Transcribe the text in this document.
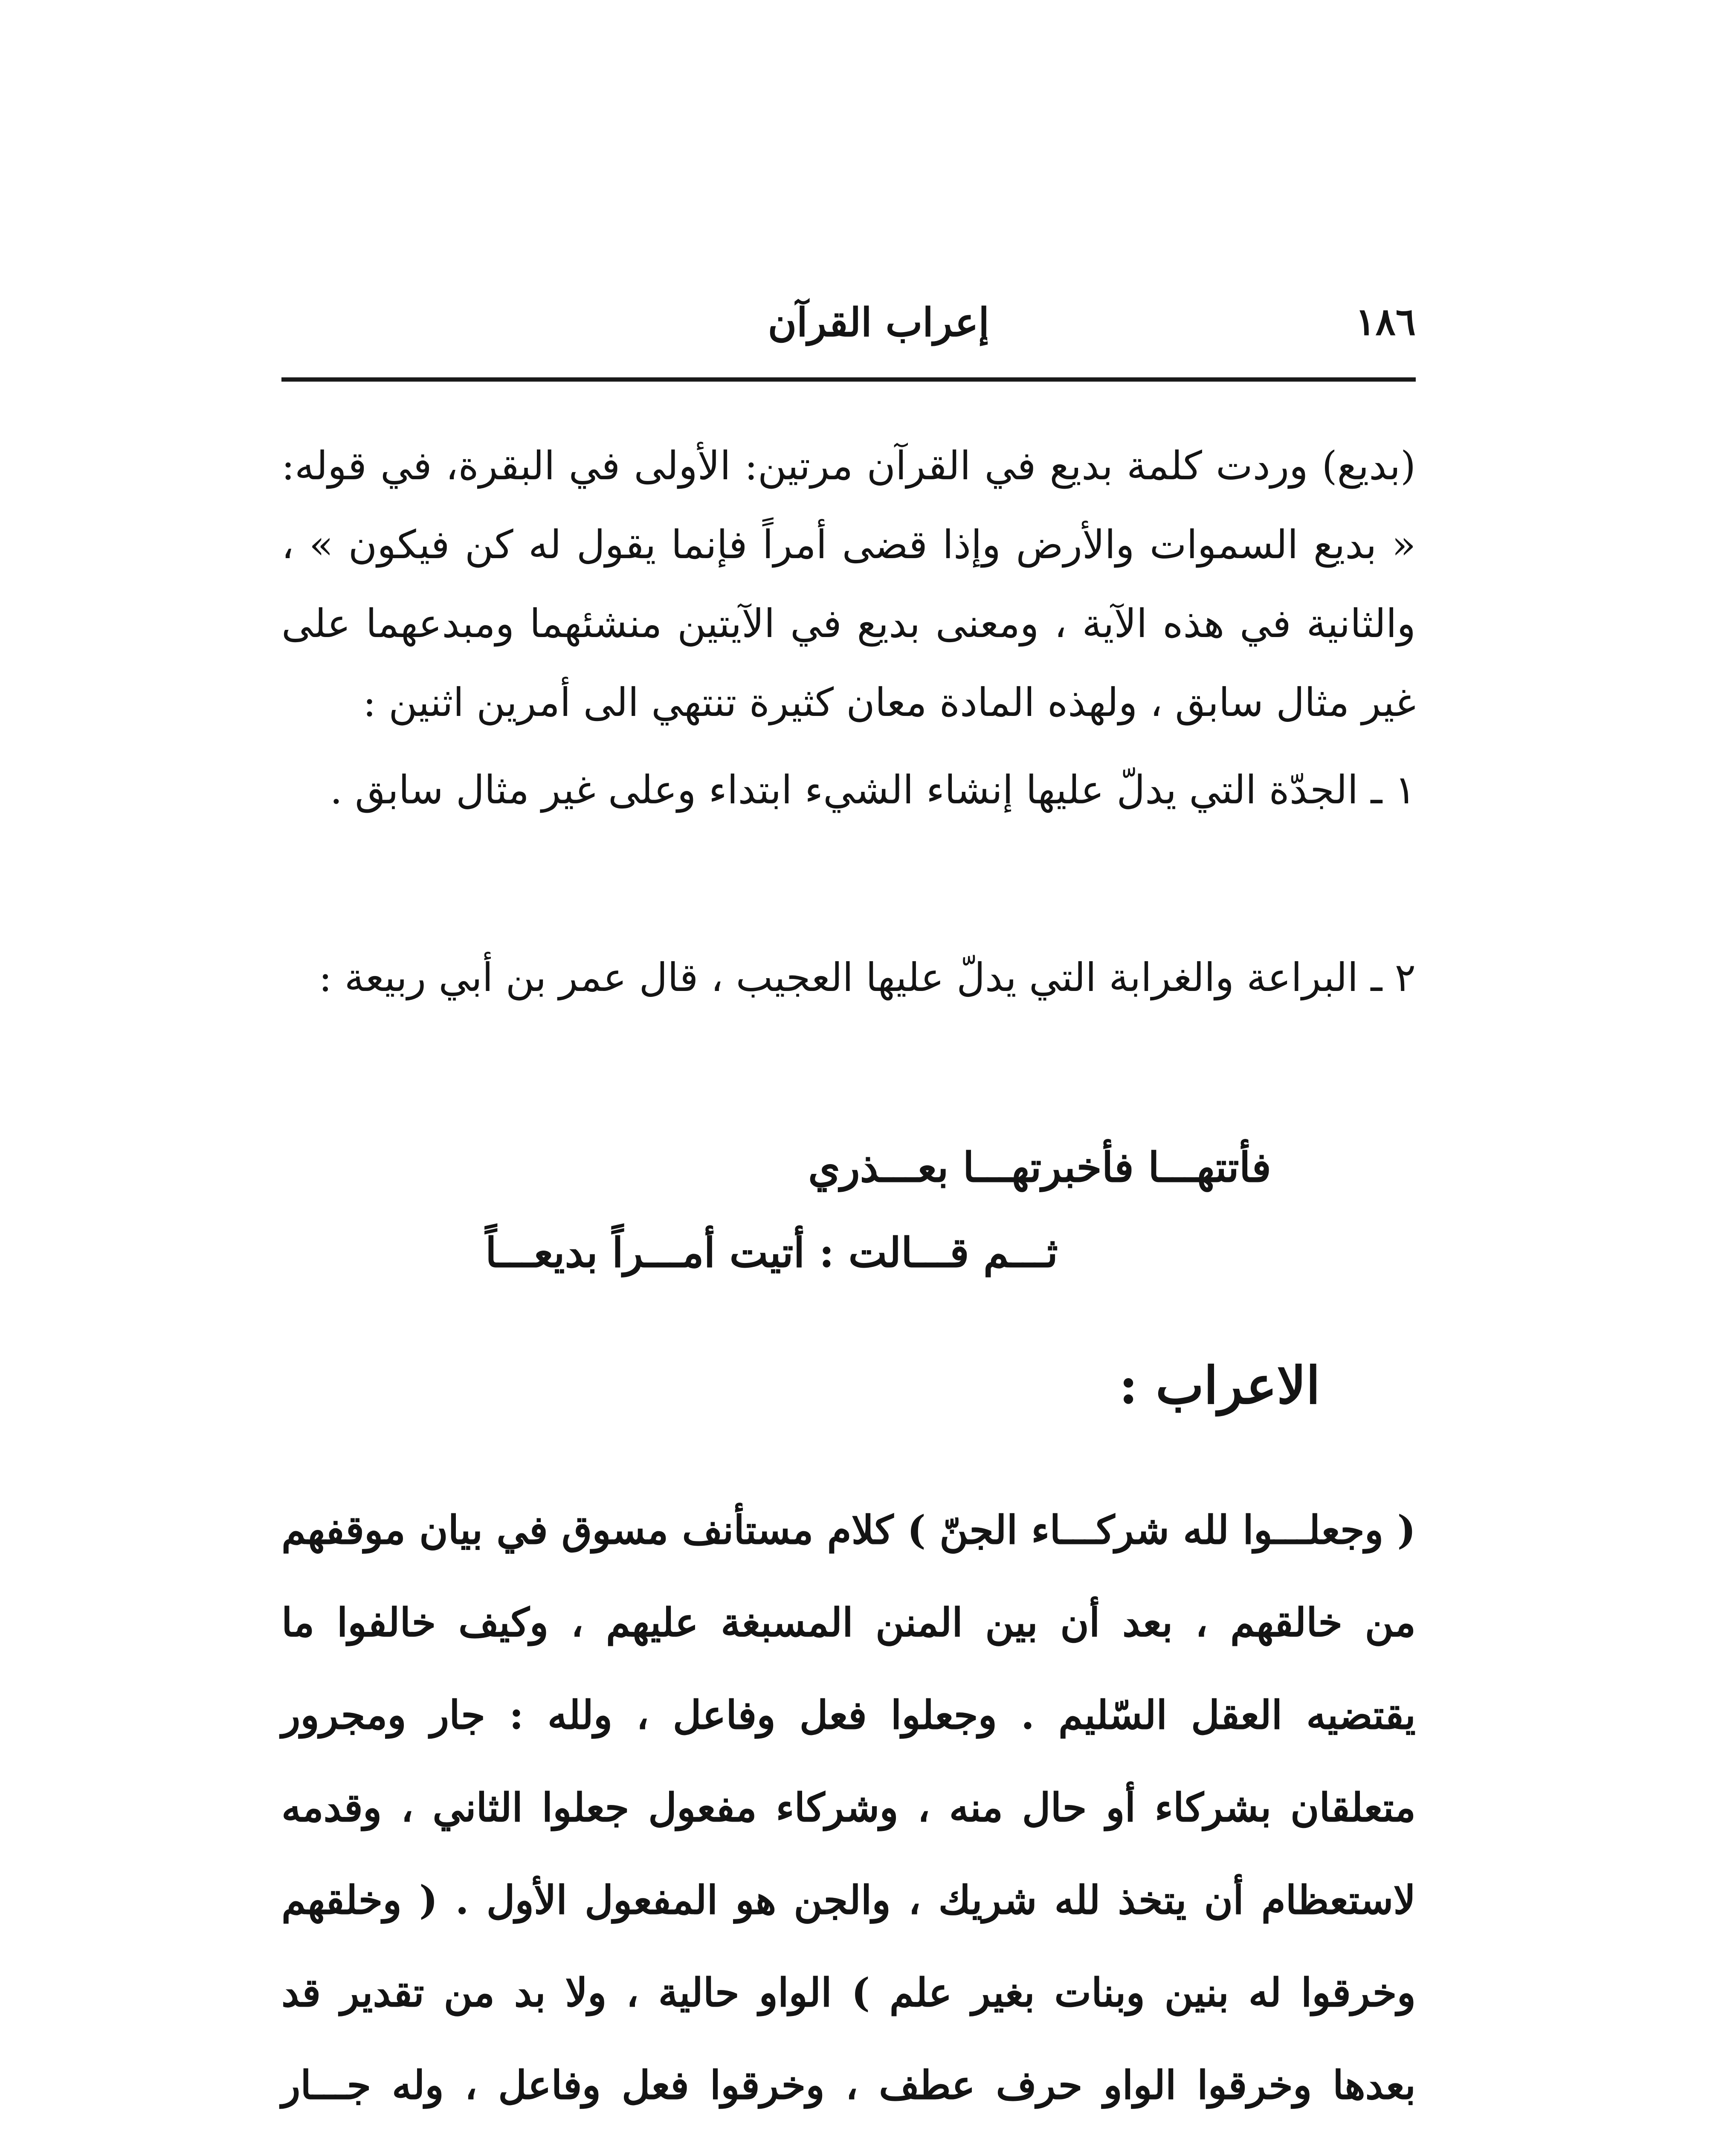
١٨٦
إعراب القرآن

(بديع) وردت كلمة بديع في القرآن مرتين: الأولى في البقرة، في قوله: « بديع السموات والأرض وإذا قضى أمراً فإنما يقول له كن فيكون » ، والثانية في هذه الآية ، ومعنى بديع في الآيتين منشئهما ومبدعهما على غير مثال سابق ، ولهذه المادة معان كثيرة تنتهي الى أمرين اثنين :

١ ـ الجدّة التي يدلّ عليها إنشاء الشيء ابتداء وعلى غير مثال سابق .

٢ ـ البراعة والغرابة التي يدلّ عليها العجيب ، قال عمر بن أبي ربيعة :

فأتتهـــا فأخبرتهـــا بعـــذري
ثـــم قـــالت : أتيت أمـــراً بديعـــاً
الاعراب :

( وجعلـــوا لله شركـــاء الجنّ ) كلام مستأنف مسوق في بيان موقفهم من خالقهم ، بعد أن بين المنن المسبغة عليهم ، وكيف خالفوا ما يقتضيه العقل السّليم . وجعلوا فعل وفاعل ، ولله : جار ومجرور متعلقان بشركاء أو حال منه ، وشركاء مفعول جعلوا الثاني ، وقدمه لاستعظام أن يتخذ لله شريك ، والجن هو المفعول الأول . ( وخلقهم وخرقوا له بنين وبنات بغير علم ) الواو حالية ، ولا بد من تقدير قد بعدها وخرقوا الواو حرف عطف ، وخرقوا فعل وفاعل ، وله جـــار
